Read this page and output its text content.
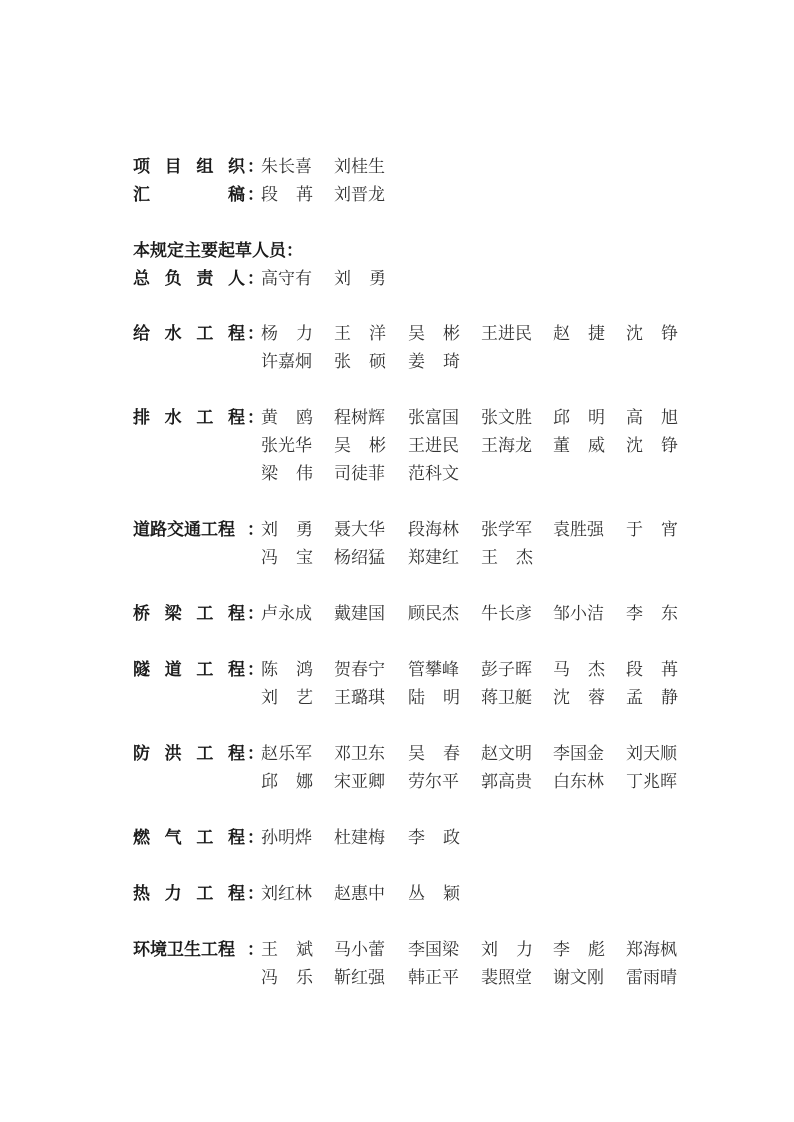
项 目 组 织 ：
朱长喜 刘桂生
汇	稿 ：
段 苒 刘晋龙
本规定主要起草人员：
总 负 责 人 ：
高守有 刘 勇
给 水 工 程 ：
杨 力 王 洋 吴 彬 王进民 赵 捷 沈 铮
许嘉炯 张 硕 姜 琦
排 水 工 程 ：
黄 鸥 程树辉 张富国 张文胜 邱 明 高 旭
张光华 吴 彬 王进民 王海龙 董 威 沈 铮
梁 伟 司徒菲 范科文
道 路 交 通 工 程 ：
刘 勇 聂大华 段海林 张学军 袁胜强 于 宵
冯 宝 杨绍猛 郑建红 王 杰
桥 梁 工 程 ：
卢永成 戴建国 顾民杰 牛长彦 邹小洁 李 东
隧 道 工 程 ：
陈 鸿 贺春宁 管攀峰 彭子晖 马 杰 段 苒
刘 艺 王璐琪 陆 明 蒋卫艇 沈 蓉 孟 静
防 洪 工 程 ：
赵乐军 邓卫东 吴 春 赵文明 李国金 刘天顺
邱 娜 宋亚卿 劳尔平 郭高贵 白东林 丁兆晖
燃 气 工 程 ：
孙明烨 杜建梅 李 政
热 力 工 程 ：
刘红林 赵惠中 丛 颖
环 境 卫 生 工 程 ：
王 斌 马小蕾 李国梁 刘 力 李 彪 郑海枫
冯 乐 靳红强 韩正平 裴照堂 谢文刚 雷雨晴
